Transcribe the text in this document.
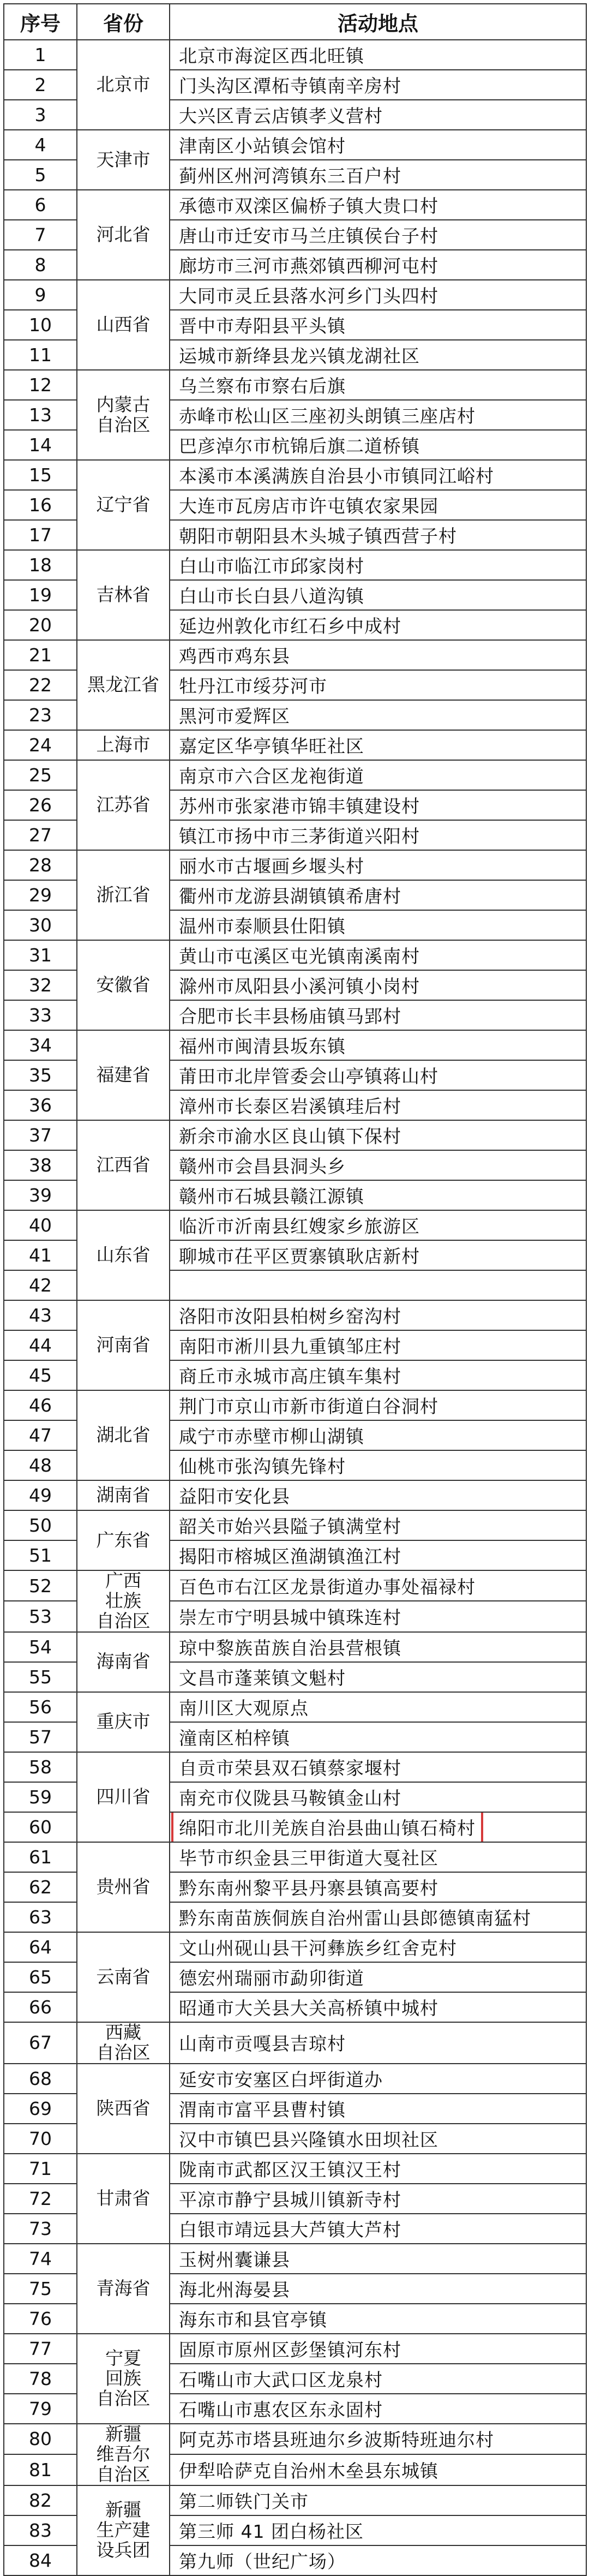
序号	省份	活动地点
1	北京市	北京市海淀区西北旺镇
2		门头沟区潭柘寺镇南辛房村
3		大兴区青云店镇孝义营村
4	天津市	津南区小站镇会馆村
5		蓟州区州河湾镇东三百户村
6	河北省	承德市双滦区偏桥子镇大贵口村
7		唐山市迁安市马兰庄镇侯台子村
8		廊坊市三河市燕郊镇西柳河屯村
9	山西省	大同市灵丘县落水河乡门头四村
10		晋中市寿阳县平头镇
11		运城市新绛县龙兴镇龙湖社区
12	内蒙古
自治区	乌兰察布市察右后旗
13		赤峰市松山区三座初头朗镇三座店村
14		巴彦淖尔市杭锦后旗二道桥镇
15	辽宁省	本溪市本溪满族自治县小市镇同江峪村
16		大连市瓦房店市许屯镇农家果园
17		朝阳市朝阳县木头城子镇西营子村
18	吉林省	白山市临江市邱家岗村
19		白山市长白县八道沟镇
20		延边州敦化市红石乡中成村
21	黑龙江省	鸡西市鸡东县
22		牡丹江市绥芬河市
23		黑河市爱辉区
24	上海市	嘉定区华亭镇华旺社区
25	江苏省	南京市六合区龙袍街道
26		苏州市张家港市锦丰镇建设村
27		镇江市扬中市三茅街道兴阳村
28	浙江省	丽水市古堰画乡堰头村
29		衢州市龙游县湖镇镇希唐村
30		温州市泰顺县仕阳镇
31	安徽省	黄山市屯溪区屯光镇南溪南村
32		滁州市凤阳县小溪河镇小岗村
33		合肥市长丰县杨庙镇马郢村
34	福建省	福州市闽清县坂东镇
35		莆田市北岸管委会山亭镇蒋山村
36		漳州市长泰区岩溪镇珪后村
37	江西省	新余市渝水区良山镇下保村
38		赣州市会昌县洞头乡
39		赣州市石城县赣江源镇
40	山东省	临沂市沂南县红嫂家乡旅游区
41		聊城市茌平区贾寨镇耿店新村
42		
43	河南省	洛阳市汝阳县柏树乡窑沟村
44		南阳市淅川县九重镇邹庄村
45		商丘市永城市高庄镇车集村
46	湖北省	荆门市京山市新市街道白谷洞村
47		咸宁市赤壁市柳山湖镇
48		仙桃市张沟镇先锋村
49	湖南省	益阳市安化县
50	广东省	韶关市始兴县隘子镇满堂村
51		揭阳市榕城区渔湖镇渔江村
52	广西
壮族
自治区	百色市右江区龙景街道办事处福禄村
53		崇左市宁明县城中镇珠连村
54	海南省	琼中黎族苗族自治县营根镇
55		文昌市蓬莱镇文魁村
56	重庆市	南川区大观原点
57		潼南区柏梓镇
58	四川省	自贡市荣县双石镇蔡家堰村
59		南充市仪陇县马鞍镇金山村
60		绵阳市北川羌族自治县曲山镇石椅村
61	贵州省	毕节市织金县三甲街道大戛社区
62		黔东南州黎平县丹寨县镇高要村
63		黔东南苗族侗族自治州雷山县郎德镇南猛村
64	云南省	文山州砚山县干河彝族乡红舍克村
65		德宏州瑞丽市勐卯街道
66		昭通市大关县大关高桥镇中城村
67	西藏
自治区	山南市贡嘎县吉琼村
68	陕西省	延安市安塞区白坪街道办
69		渭南市富平县曹村镇
70		汉中市镇巴县兴隆镇水田坝社区
71	甘肃省	陇南市武都区汉王镇汉王村
72		平凉市静宁县城川镇新寺村
73		白银市靖远县大芦镇大芦村
74	青海省	玉树州囊谦县
75		海北州海晏县
76		海东市和县官亭镇
77	宁夏
回族
自治区	固原市原州区彭堡镇河东村
78		石嘴山市大武口区龙泉村
79		石嘴山市惠农区东永固村
80	新疆
维吾尔
自治区	阿克苏市塔县班迪尔乡波斯特班迪尔村
81		伊犁哈萨克自治州木垒县东城镇
82	新疆
生产建
设兵团	第二师铁门关市
83		第三师 41 团白杨社区
84		第九师（世纪广场）
